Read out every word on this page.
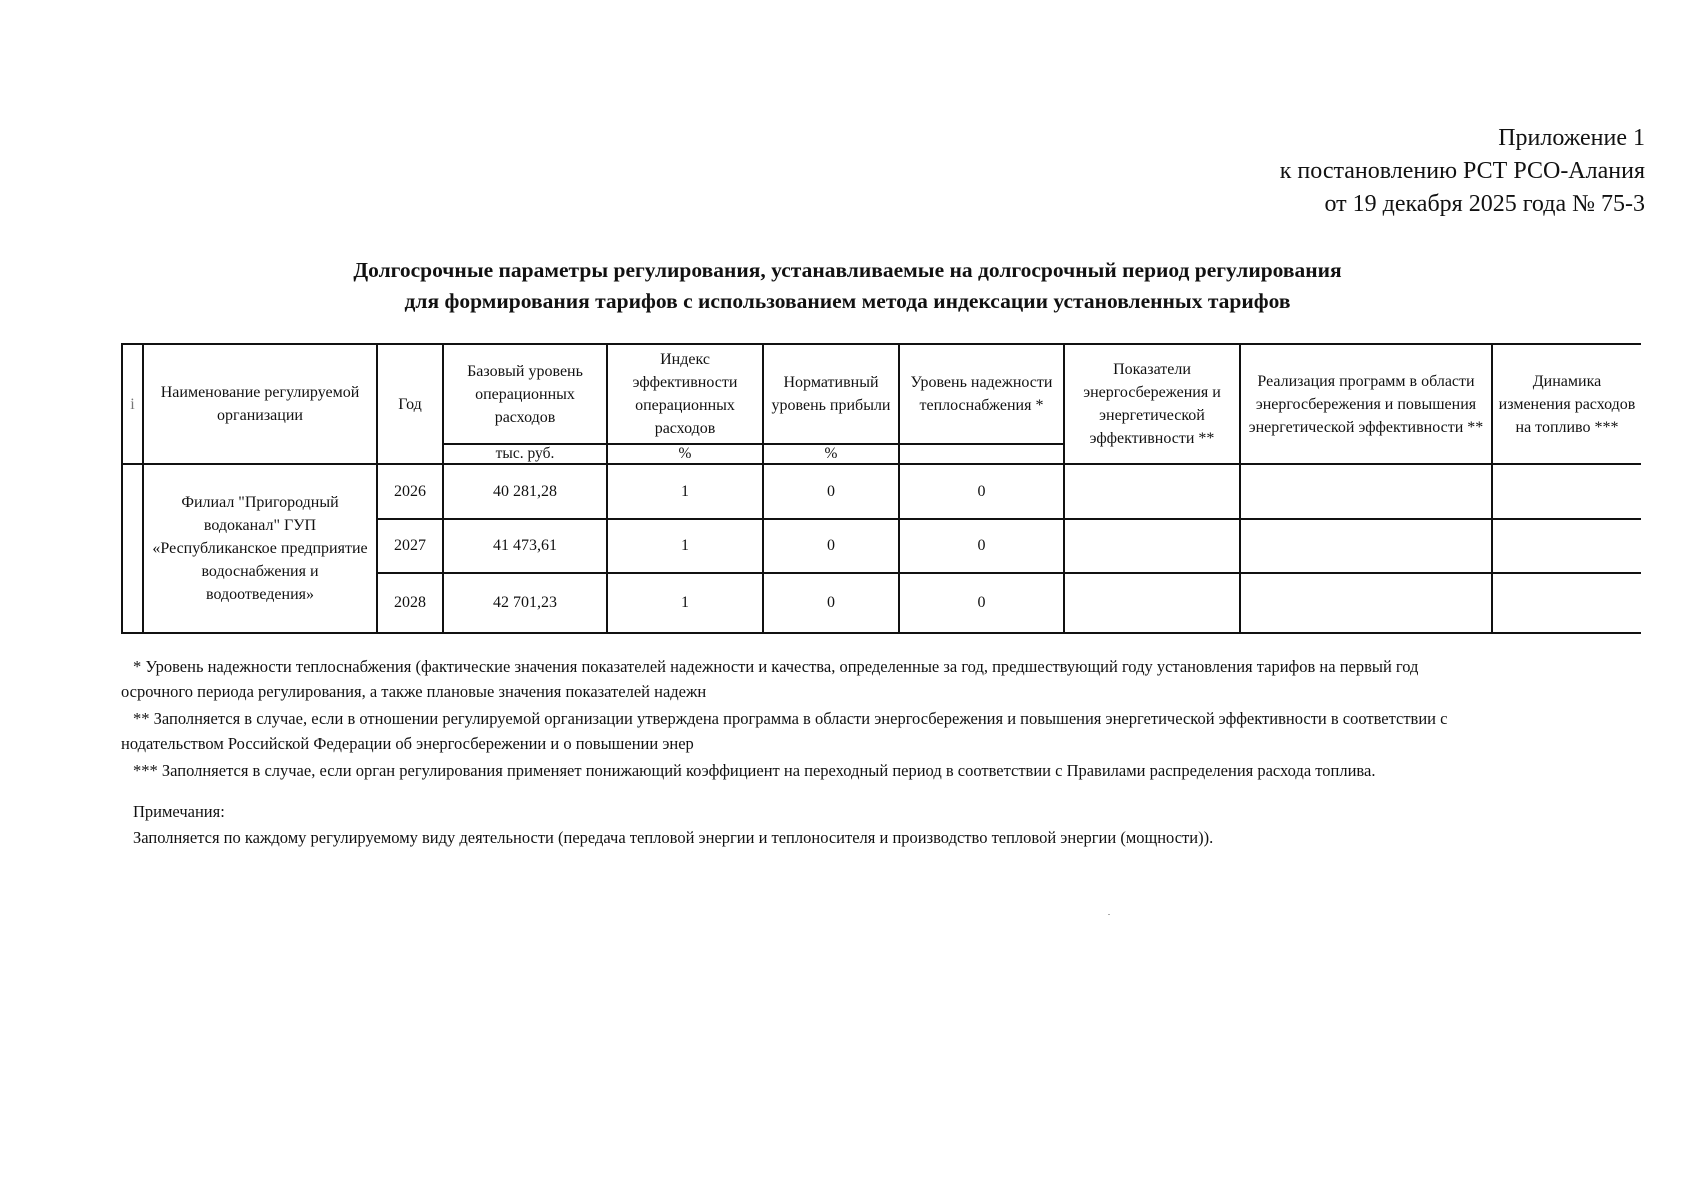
Приложение 1
к постановлению РСТ РСО-Алания
от 19 декабря 2025 года № 75-3
Долгосрочные параметры регулирования, устанавливаемые на долгосрочный период регулирования
для формирования тарифов с использованием метода индексации установленных тарифов
і	Наименование регулируемой организации	Год	Базовый уровень операционных расходов	Индекс эффективности операционных расходов	Нормативный уровень прибыли	Уровень надежности теплоснабжения *	Показатели энергосбережения и энергетической эффективности **	Реализация программ в области энергосбережения и повышения энергетической эффективности **	Динамика изменения расходов на топливо ***
			тыс. руб.	%	%				
	Филиал "Пригородный водоканал" ГУП «Республиканское предприятие водоснабжения и водоотведения»	2026	40 281,28	1	0	0			
		2027	41 473,61	1	0	0			
		2028	42 701,23	1	0	0			
* Уровень надежности теплоснабжения (фактические значения показателей надежности и качества, определенные за год, предшествующий году установления тарифов на первый год
осрочного периода регулирования, а также плановые значения показателей надежн
** Заполняется в случае, если в отношении регулируемой организации утверждена программа в области энергосбережения и повышения энергетической эффективности в соответствии с
нодательством Российской Федерации об энергосбережении и о повышении энер
*** Заполняется в случае, если орган регулирования применяет понижающий коэффициент на переходный период в соответствии с Правилами распределения расхода топлива.
Примечания:
Заполняется по каждому регулируемому виду деятельности (передача тепловой энергии и теплоносителя и производство тепловой энергии (мощности)).
